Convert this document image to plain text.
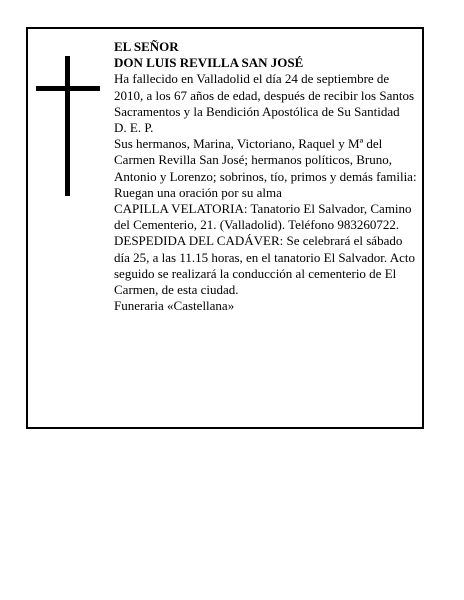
EL SEÑOR

DON LUIS REVILLA SAN JOSÉ

Ha fallecido en Valladolid el día 24 de septiembre de 2010, a los 67 años de edad, después de recibir los Santos Sacramentos y la Bendición Apostólica de Su Santidad

D. E. P.

Sus hermanos, Marina, Victoriano, Raquel y Mª del Carmen Revilla San José; hermanos políticos, Bruno, Antonio y Lorenzo; sobrinos, tío, primos y demás familia:

Ruegan una oración por su alma

CAPILLA VELATORIA: Tanatorio El Salvador, Camino del Cementerio, 21. (Valladolid). Teléfono 983260722.

DESPEDIDA DEL CADÁVER: Se celebrará el sábado día 25, a las 11.15 horas, en el tanatorio El Salvador. Acto seguido se realizará la conducción al cementerio de El Carmen, de esta ciudad.

Funeraria «Castellana»
